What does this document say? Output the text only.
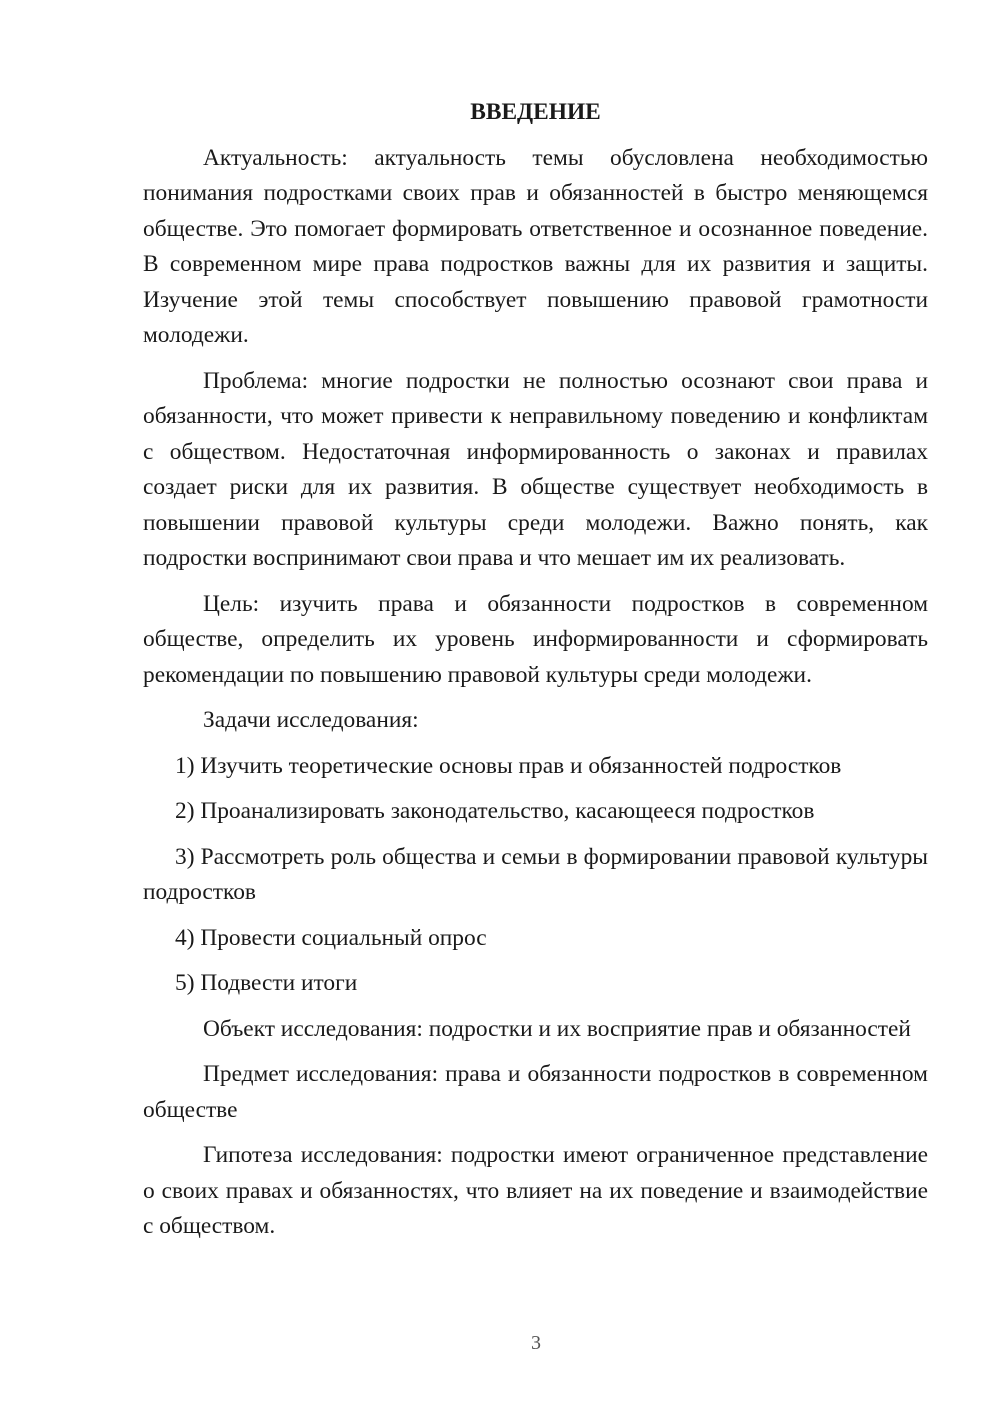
ВВЕДЕНИЕ

Актуальность: актуальность темы обусловлена необходимостью понимания подростками своих прав и обязанностей в быстро меняющемся обществе. Это помогает формировать ответственное и осознанное поведение. В современном мире права подростков важны для их развития и защиты. Изучение этой темы способствует повышению правовой грамотности молодежи.

Проблема: многие подростки не полностью осознают свои права и обязанности, что может привести к неправильному поведению и конфликтам с обществом. Недостаточная информированность о законах и правилах создает риски для их развития. В обществе существует необходимость в повышении правовой культуры среди молодежи. Важно понять, как подростки воспринимают свои права и что мешает им их реализовать.

Цель: изучить права и обязанности подростков в современном обществе, определить их уровень информированности и сформировать рекомендации по повышению правовой культуры среди молодежи.

Задачи исследования:

1) Изучить теоретические основы прав и обязанностей подростков

2) Проанализировать законодательство, касающееся подростков

3) Рассмотреть роль общества и семьи в формировании правовой культуры подростков

4) Провести социальный опрос

5) Подвести итоги

Объект исследования: подростки и их восприятие прав и обязанностей

Предмет исследования: права и обязанности подростков в современном обществе

Гипотеза исследования: подростки имеют ограниченное представление о своих правах и обязанностях, что влияет на их поведение и взаимодействие с обществом.

3
